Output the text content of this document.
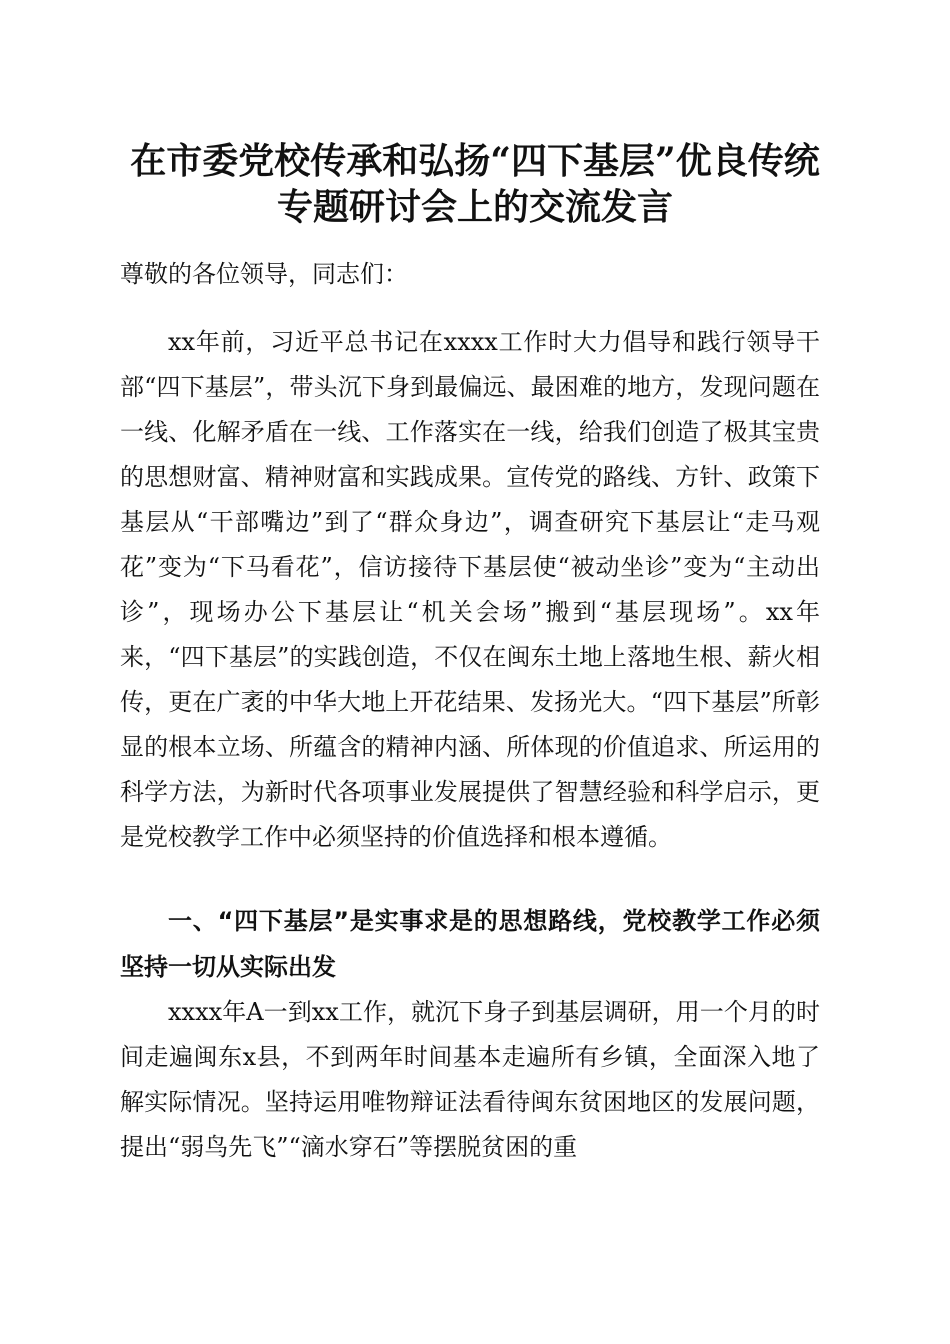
在市委党校传承和弘扬“四下基层”优良传统
专题研讨会上的交流发言
尊敬的各位领导，同志们：
xx年前，习近平总书记在xxxx工作时大力倡导和践行领导干部“四下基层”，带头沉下身到最偏远、最困难的地方，发现问题在一线、化解矛盾在一线、工作落实在一线，给我们创造了极其宝贵的思想财富、精神财富和实践成果。宣传党的路线、方针、政策下基层从“干部嘴边”到了“群众身边”，调查研究下基层让“走马观花”变为“下马看花”，信访接待下基层使“被动坐诊”变为“主动出诊”，现场办公下基层让“机关会场”搬到“基层现场”。xx年来，“四下基层”的实践创造，不仅在闽东土地上落地生根、薪火相传，更在广袤的中华大地上开花结果、发扬光大。“四下基层”所彰显的根本立场、所蕴含的精神内涵、所体现的价值追求、所运用的科学方法，为新时代各项事业发展提供了智慧经验和科学启示，更是党校教学工作中必须坚持的价值选择和根本遵循。
一、“四下基层”是实事求是的思想路线，党校教学工作必须坚持一切从实际出发
xxxx年A一到xx工作，就沉下身子到基层调研，用一个月的时间走遍闽东x县，不到两年时间基本走遍所有乡镇，全面深入地了解实际情况。坚持运用唯物辩证法看待闽东贫困地区的发展问题，提出“弱鸟先飞”“滴水穿石”等摆脱贫困的重
